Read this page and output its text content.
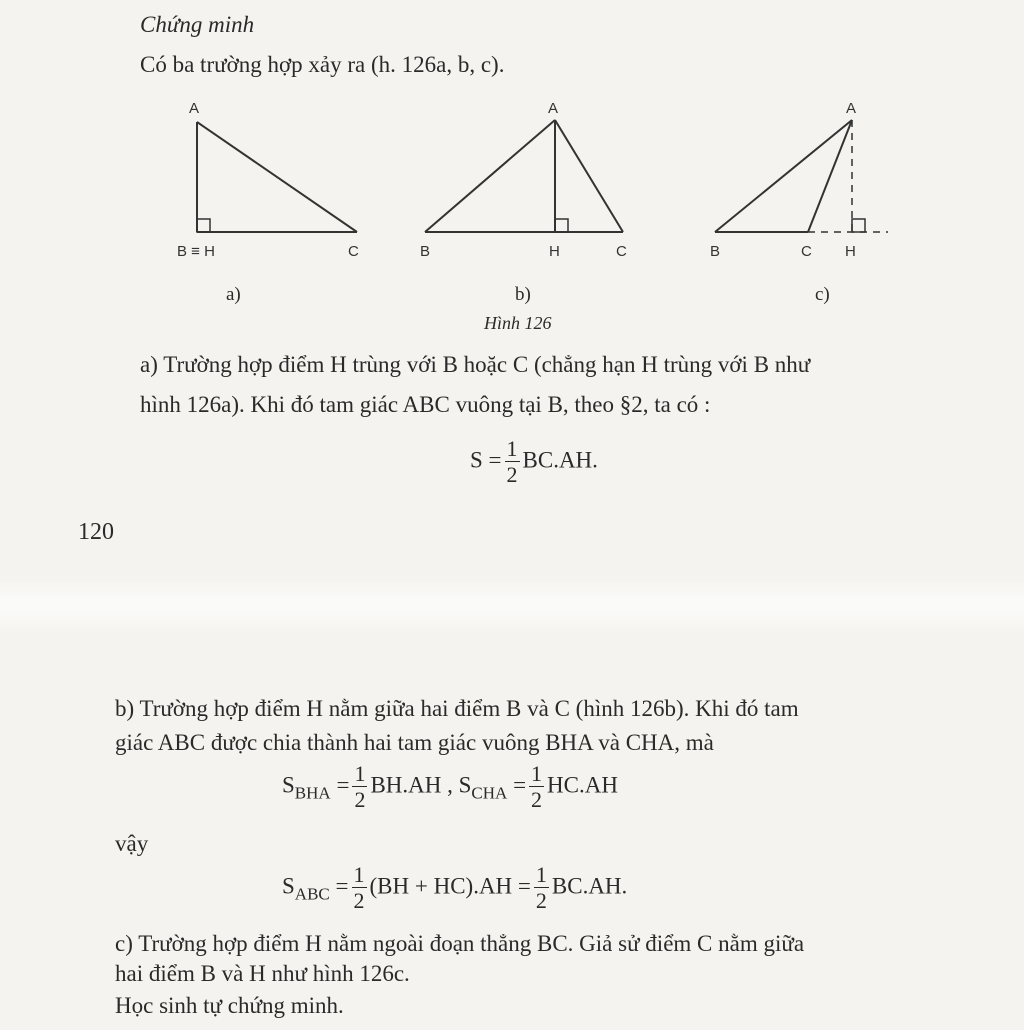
Chứng minh
Có ba trường hợp xảy ra (h. 126a, b, c).
A
B ≡ H	C
A
B	H	C
A
B	C H
a)	b)	c)
Hình 126
a) Trường hợp điểm H trùng với B hoặc C (chẳng hạn H trùng với B như
hình 126a). Khi đó tam giác ABC vuông tại B, theo §2, ta có :
$S = \frac{1}{2} BC.AH$.
120
b) Trường hợp điểm H nằm giữa hai điểm B và C (hình 126b). Khi đó tam
giác ABC được chia thành hai tam giác vuông BHA và CHA, mà
$S_{BHA} = \frac{1}{2} BH.AH$ , $S_{CHA} = \frac{1}{2} HC.AH$
vậy
$S_{ABC} = \frac{1}{2} (BH + HC).AH = \frac{1}{2} BC.AH$.
c) Trường hợp điểm H nằm ngoài đoạn thẳng BC. Giả sử điểm C nằm giữa
hai điểm B và H như hình 126c.
Học sinh tự chứng minh.
